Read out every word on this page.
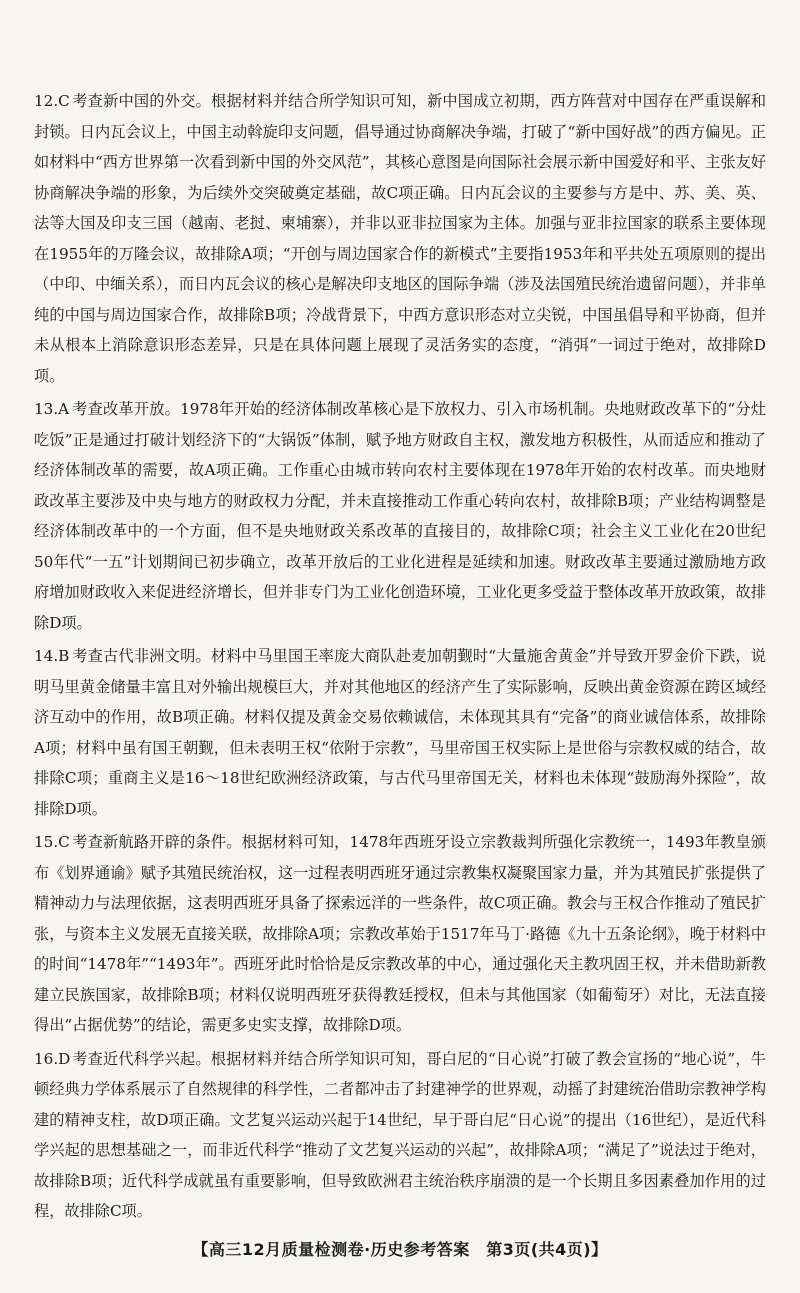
12.C 考查新中国的外交。根据材料并结合所学知识可知，新中国成立初期，西方阵营对中国存在严重误解和封锁。日内瓦会议上，中国主动斡旋印支问题，倡导通过协商解决争端，打破了“新中国好战”的西方偏见。正如材料中“西方世界第一次看到新中国的外交风范”，其核心意图是向国际社会展示新中国爱好和平、主张友好协商解决争端的形象，为后续外交突破奠定基础，故C项正确。日内瓦会议的主要参与方是中、苏、美、英、法等大国及印支三国（越南、老挝、柬埔寨），并非以亚非拉国家为主体。加强与亚非拉国家的联系主要体现在1955年的万隆会议，故排除A项；“开创与周边国家合作的新模式”主要指1953年和平共处五项原则的提出（中印、中缅关系），而日内瓦会议的核心是解决印支地区的国际争端（涉及法国殖民统治遗留问题），并非单纯的中国与周边国家合作，故排除B项；冷战背景下，中西方意识形态对立尖锐，中国虽倡导和平协商，但并未从根本上消除意识形态差异，只是在具体问题上展现了灵活务实的态度，“消弭”一词过于绝对，故排除D项。

13.A 考查改革开放。1978年开始的经济体制改革核心是下放权力、引入市场机制。央地财政改革下的“分灶吃饭”正是通过打破计划经济下的“大锅饭”体制，赋予地方财政自主权，激发地方积极性，从而适应和推动了经济体制改革的需要，故A项正确。工作重心由城市转向农村主要体现在1978年开始的农村改革。而央地财政改革主要涉及中央与地方的财政权力分配，并未直接推动工作重心转向农村，故排除B项；产业结构调整是经济体制改革中的一个方面，但不是央地财政关系改革的直接目的，故排除C项；社会主义工业化在20世纪50年代“一五”计划期间已初步确立，改革开放后的工业化进程是延续和加速。财政改革主要通过激励地方政府增加财政收入来促进经济增长，但并非专门为工业化创造环境，工业化更多受益于整体改革开放政策，故排除D项。

14.B 考查古代非洲文明。材料中马里国王率庞大商队赴麦加朝觐时“大量施舍黄金”并导致开罗金价下跌，说明马里黄金储量丰富且对外输出规模巨大，并对其他地区的经济产生了实际影响，反映出黄金资源在跨区域经济互动中的作用，故B项正确。材料仅提及黄金交易依赖诚信，未体现其具有“完备”的商业诚信体系，故排除A项；材料中虽有国王朝觐，但未表明王权“依附于宗教”，马里帝国王权实际上是世俗与宗教权威的结合，故排除C项；重商主义是16～18世纪欧洲经济政策，与古代马里帝国无关，材料也未体现“鼓励海外探险”，故排除D项。

15.C 考查新航路开辟的条件。根据材料可知，1478年西班牙设立宗教裁判所强化宗教统一，1493年教皇颁布《划界通谕》赋予其殖民统治权，这一过程表明西班牙通过宗教集权凝聚国家力量，并为其殖民扩张提供了精神动力与法理依据，这表明西班牙具备了探索远洋的一些条件，故C项正确。教会与王权合作推动了殖民扩张，与资本主义发展无直接关联，故排除A项；宗教改革始于1517年马丁·路德《九十五条论纲》，晚于材料中的时间“1478年”“1493年”。西班牙此时恰恰是反宗教改革的中心，通过强化天主教巩固王权，并未借助新教建立民族国家，故排除B项；材料仅说明西班牙获得教廷授权，但未与其他国家（如葡萄牙）对比，无法直接得出“占据优势”的结论，需更多史实支撑，故排除D项。

16.D 考查近代科学兴起。根据材料并结合所学知识可知，哥白尼的“日心说”打破了教会宣扬的“地心说”，牛顿经典力学体系展示了自然规律的科学性，二者都冲击了封建神学的世界观，动摇了封建统治借助宗教神学构建的精神支柱，故D项正确。文艺复兴运动兴起于14世纪，早于哥白尼“日心说”的提出（16世纪），是近代科学兴起的思想基础之一，而非近代科学“推动了文艺复兴运动的兴起”，故排除A项；“满足了”说法过于绝对，故排除B项；近代科学成就虽有重要影响，但导致欧洲君主统治秩序崩溃的是一个长期且多因素叠加作用的过程，故排除C项。

【高三12月质量检测卷·历史参考答案　第3页(共4页)】
